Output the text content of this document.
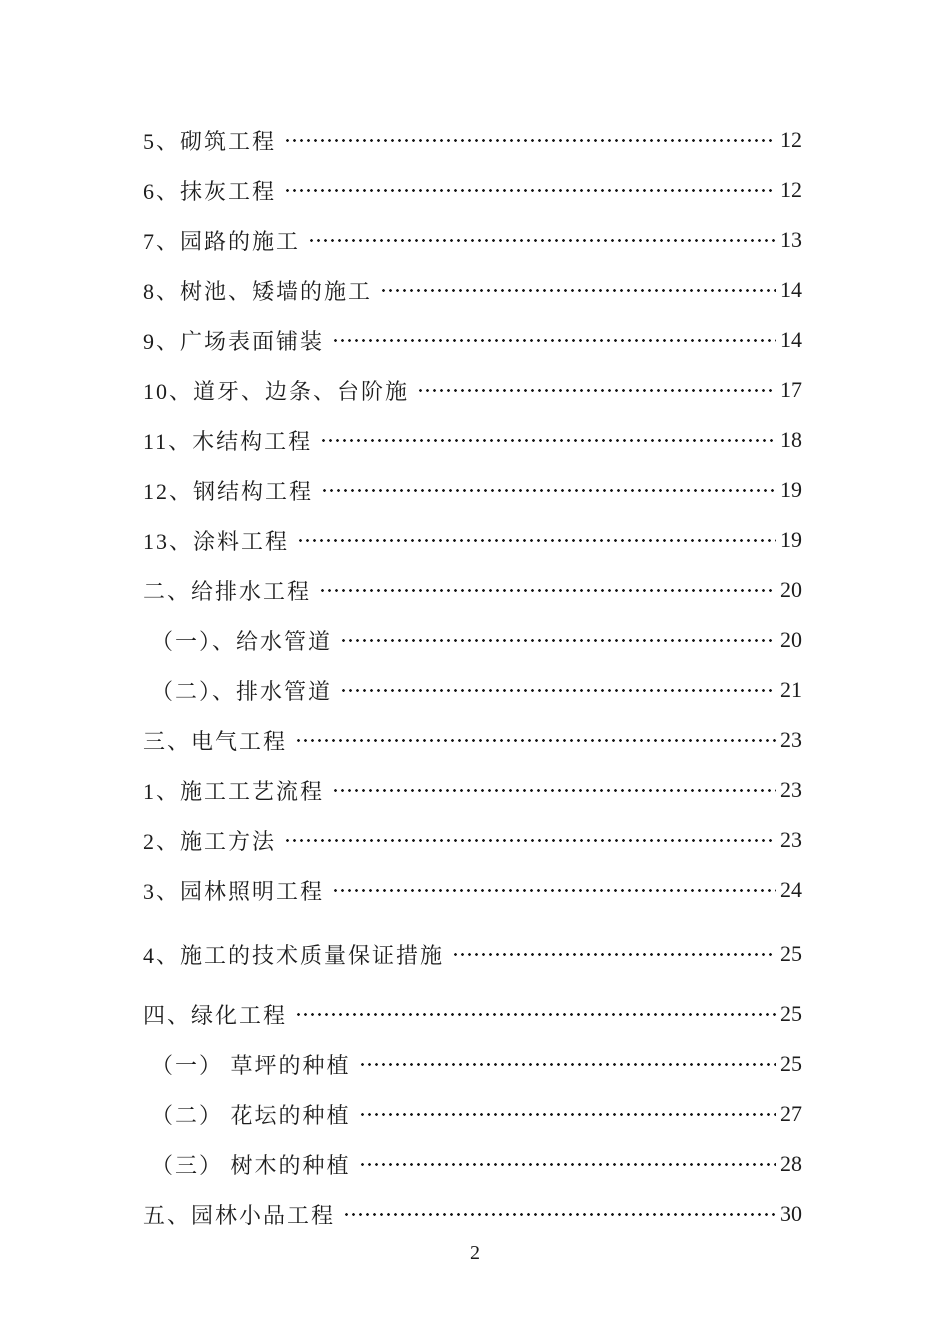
5、砌筑工程	12
6、抹灰工程	12
7、园路的施工	13
8、树池、矮墙的施工	14
9、广场表面铺装	14
10、道牙、边条、台阶施	17
11、木结构工程	18
12、钢结构工程	19
13、涂料工程	19
二、给排水工程	20
（一）、给水管道	20
（二）、排水管道	21
三、电气工程	23
1、施工工艺流程	23
2、施工方法	23
3、园林照明工程	24
4、施工的技术质量保证措施	25
四、绿化工程	25
（一） 草坪的种植	25
（二） 花坛的种植	27
（三） 树木的种植	28
五、园林小品工程	30
2
